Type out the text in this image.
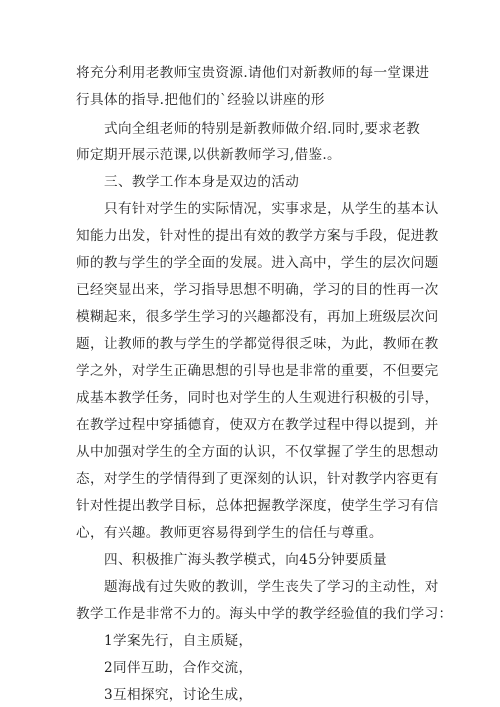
将充分利用老教师宝贵资源.请他们对新教师的每一堂课进
行具体的指导.把他们的`经验以讲座的形
式向全组老师的特别是新教师做介绍.同时,要求老教
师定期开展示范课,以供新教师学习,借鉴.。
三、教学工作本身是双边的活动
只有针对学生的实际情况，实事求是，从学生的基本认
知能力出发，针对性的提出有效的教学方案与手段，促进教
师的教与学生的学全面的发展。进入高中，学生的层次问题
已经突显出来，学习指导思想不明确，学习的目的性再一次
模糊起来，很多学生学习的兴趣都没有，再加上班级层次问
题，让教师的教与学生的学都觉得很乏味，为此，教师在教
学之外，对学生正确思想的引导也是非常的重要，不但要完
成基本教学任务，同时也对学生的人生观进行积极的引导，
在教学过程中穿插德育，使双方在教学过程中得以提到，并
从中加强对学生的全方面的认识，不仅掌握了学生的思想动
态，对学生的学情得到了更深刻的认识，针对教学内容更有
针对性提出教学目标，总体把握教学深度，使学生学习有信
心，有兴趣。教师更容易得到学生的信任与尊重。
四、积极推广海头教学模式，向45分钟要质量
题海战有过失败的教训，学生丧失了学习的主动性，对
教学工作是非常不力的。海头中学的教学经验值的我们学习：
1学案先行，自主质疑，
2同伴互助，合作交流，
3互相探究，讨论生成，
